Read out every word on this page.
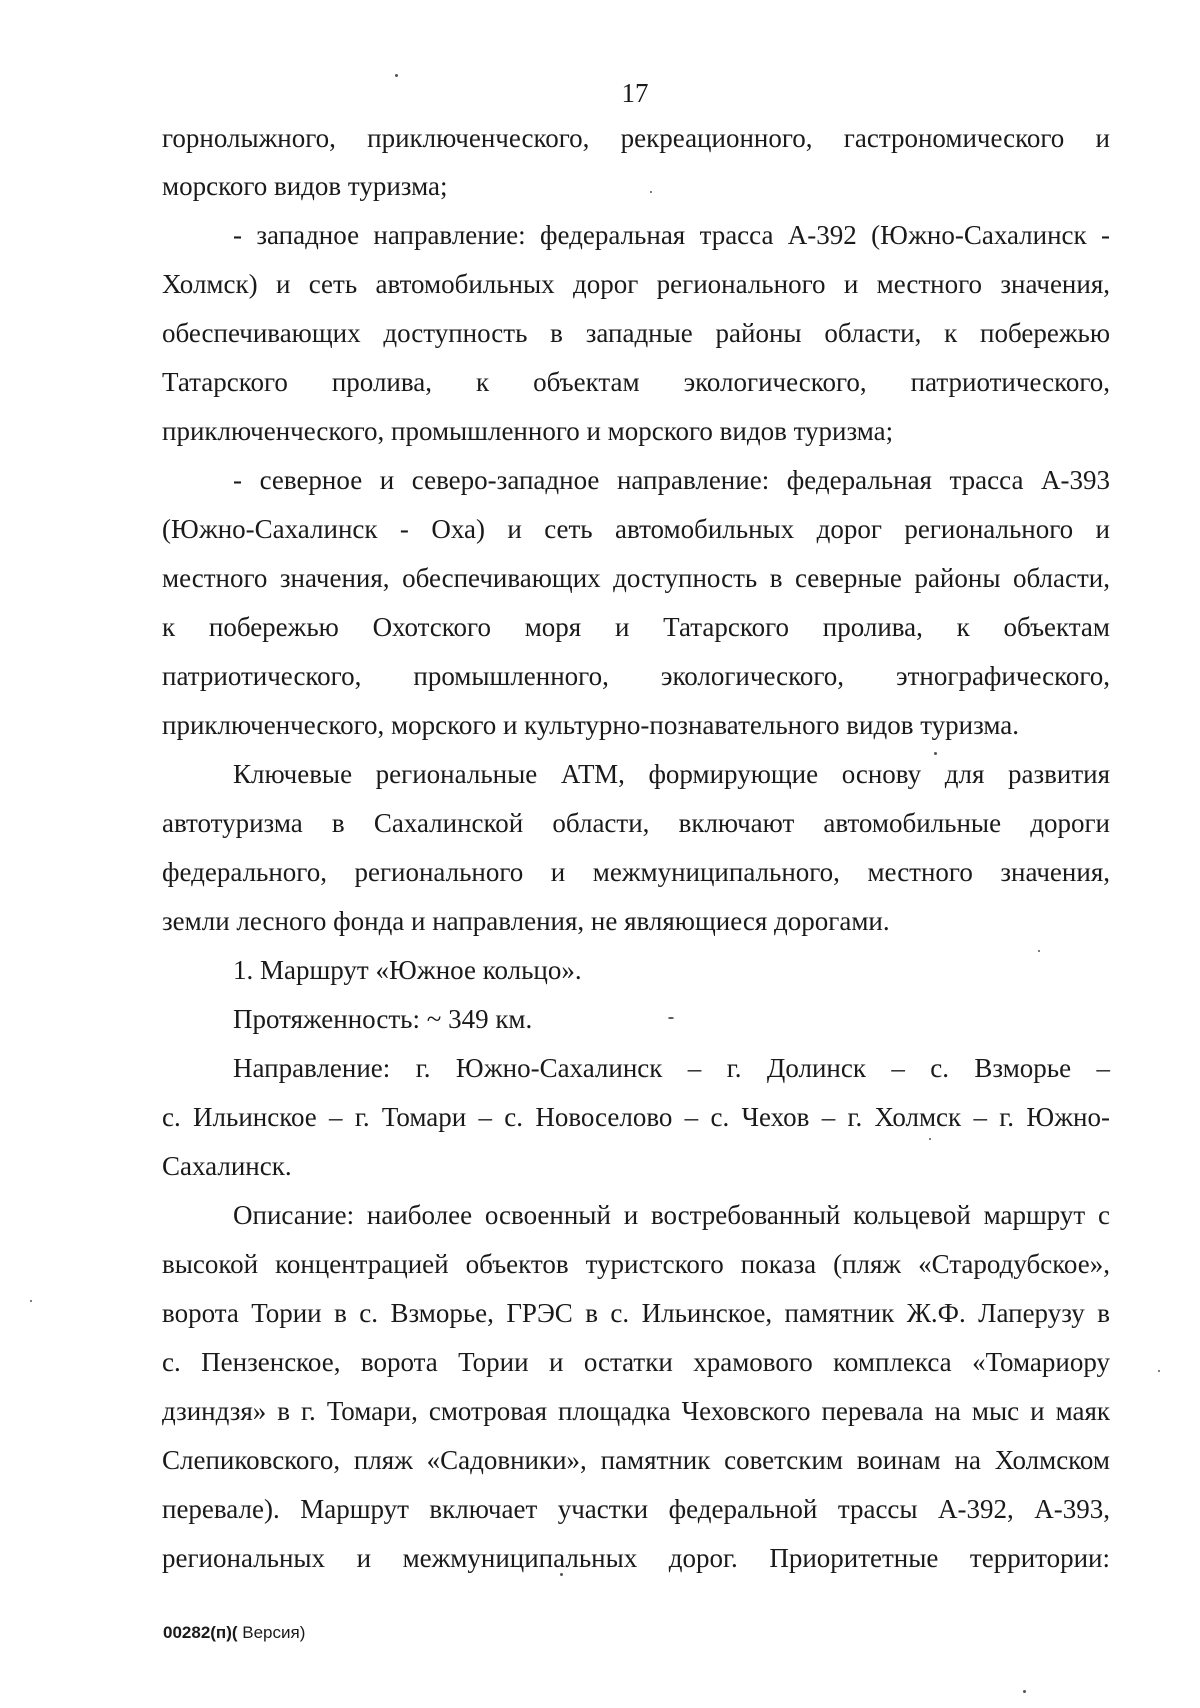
17
горнолыжного, приключенческого, рекреационного, гастрономического и
морского видов туризма;
- западное направление: федеральная трасса А-392 (Южно-Сахалинск -
Холмск) и сеть автомобильных дорог регионального и местного значения,
обеспечивающих доступность в западные районы области, к побережью
Татарского пролива, к объектам экологического, патриотического,
приключенческого, промышленного и морского видов туризма;
- северное и северо-западное направление: федеральная трасса А-393
(Южно-Сахалинск - Оха) и сеть автомобильных дорог регионального и
местного значения, обеспечивающих доступность в северные районы области,
к побережью Охотского моря и Татарского пролива, к объектам
патриотического, промышленного, экологического, этнографического,
приключенческого, морского и культурно-познавательного видов туризма.
Ключевые региональные АТМ, формирующие основу для развития
автотуризма в Сахалинской области, включают автомобильные дороги
федерального, регионального и межмуниципального, местного значения,
земли лесного фонда и направления, не являющиеся дорогами.
1. Маршрут «Южное кольцо».
Протяженность: ~ 349 км.
Направление: г. Южно-Сахалинск – г. Долинск – с. Взморье –
с. Ильинское – г. Томари – с. Новоселово – с. Чехов – г. Холмск – г. Южно-
Сахалинск.
Описание: наиболее освоенный и востребованный кольцевой маршрут с
высокой концентрацией объектов туристского показа (пляж «Стародубское»,
ворота Тории в с. Взморье, ГРЭС в с. Ильинское, памятник Ж.Ф. Лаперузу в
с. Пензенское, ворота Тории и остатки храмового комплекса «Томариору
дзиндзя» в г. Томари, смотровая площадка Чеховского перевала на мыс и маяк
Слепиковского, пляж «Садовники», памятник советским воинам на Холмском
перевале). Маршрут включает участки федеральной трассы А-392, А-393,
региональных и межмуниципальных дорог. Приоритетные территории:
00282(п)( Версия)
